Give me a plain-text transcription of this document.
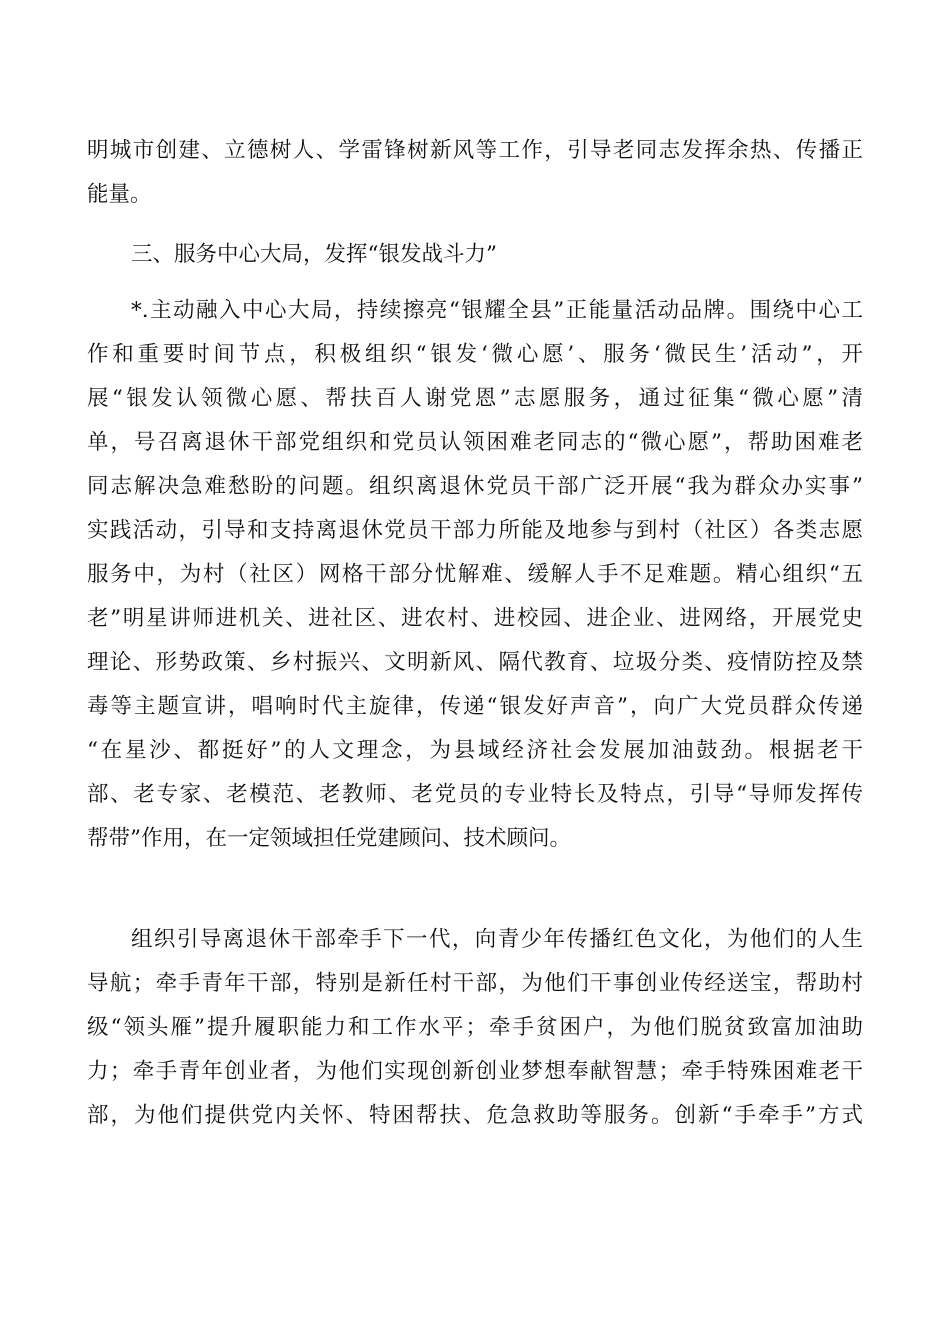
明城市创建、立德树人、学雷锋树新风等工作，引导老同志发挥余热、传播正
能量。
三、服务中心大局，发挥“银发战斗力”
*.主动融入中心大局，持续擦亮“银耀全县”正能量活动品牌。围绕中心工
作和重要时间节点，积极组织“银发‘微心愿’、服务‘微民生’活动”，开
展“银发认领微心愿、帮扶百人谢党恩”志愿服务，通过征集“微心愿”清
单，号召离退休干部党组织和党员认领困难老同志的“微心愿”，帮助困难老
同志解决急难愁盼的问题。组织离退休党员干部广泛开展“我为群众办实事”
实践活动，引导和支持离退休党员干部力所能及地参与到村（社区）各类志愿
服务中，为村（社区）网格干部分忧解难、缓解人手不足难题。精心组织“五
老”明星讲师进机关、进社区、进农村、进校园、进企业、进网络，开展党史
理论、形势政策、乡村振兴、文明新风、隔代教育、垃圾分类、疫情防控及禁
毒等主题宣讲，唱响时代主旋律，传递“银发好声音”，向广大党员群众传递
“在星沙、都挺好”的人文理念，为县域经济社会发展加油鼓劲。根据老干
部、老专家、老模范、老教师、老党员的专业特长及特点，引导“导师发挥传
帮带”作用，在一定领域担任党建顾问、技术顾问。
组织引导离退休干部牵手下一代，向青少年传播红色文化，为他们的人生
导航；牵手青年干部，特别是新任村干部，为他们干事创业传经送宝，帮助村
级“领头雁”提升履职能力和工作水平；牵手贫困户，为他们脱贫致富加油助
力；牵手青年创业者，为他们实现创新创业梦想奉献智慧；牵手特殊困难老干
部，为他们提供党内关怀、特困帮扶、危急救助等服务。创新“手牵手”方式
